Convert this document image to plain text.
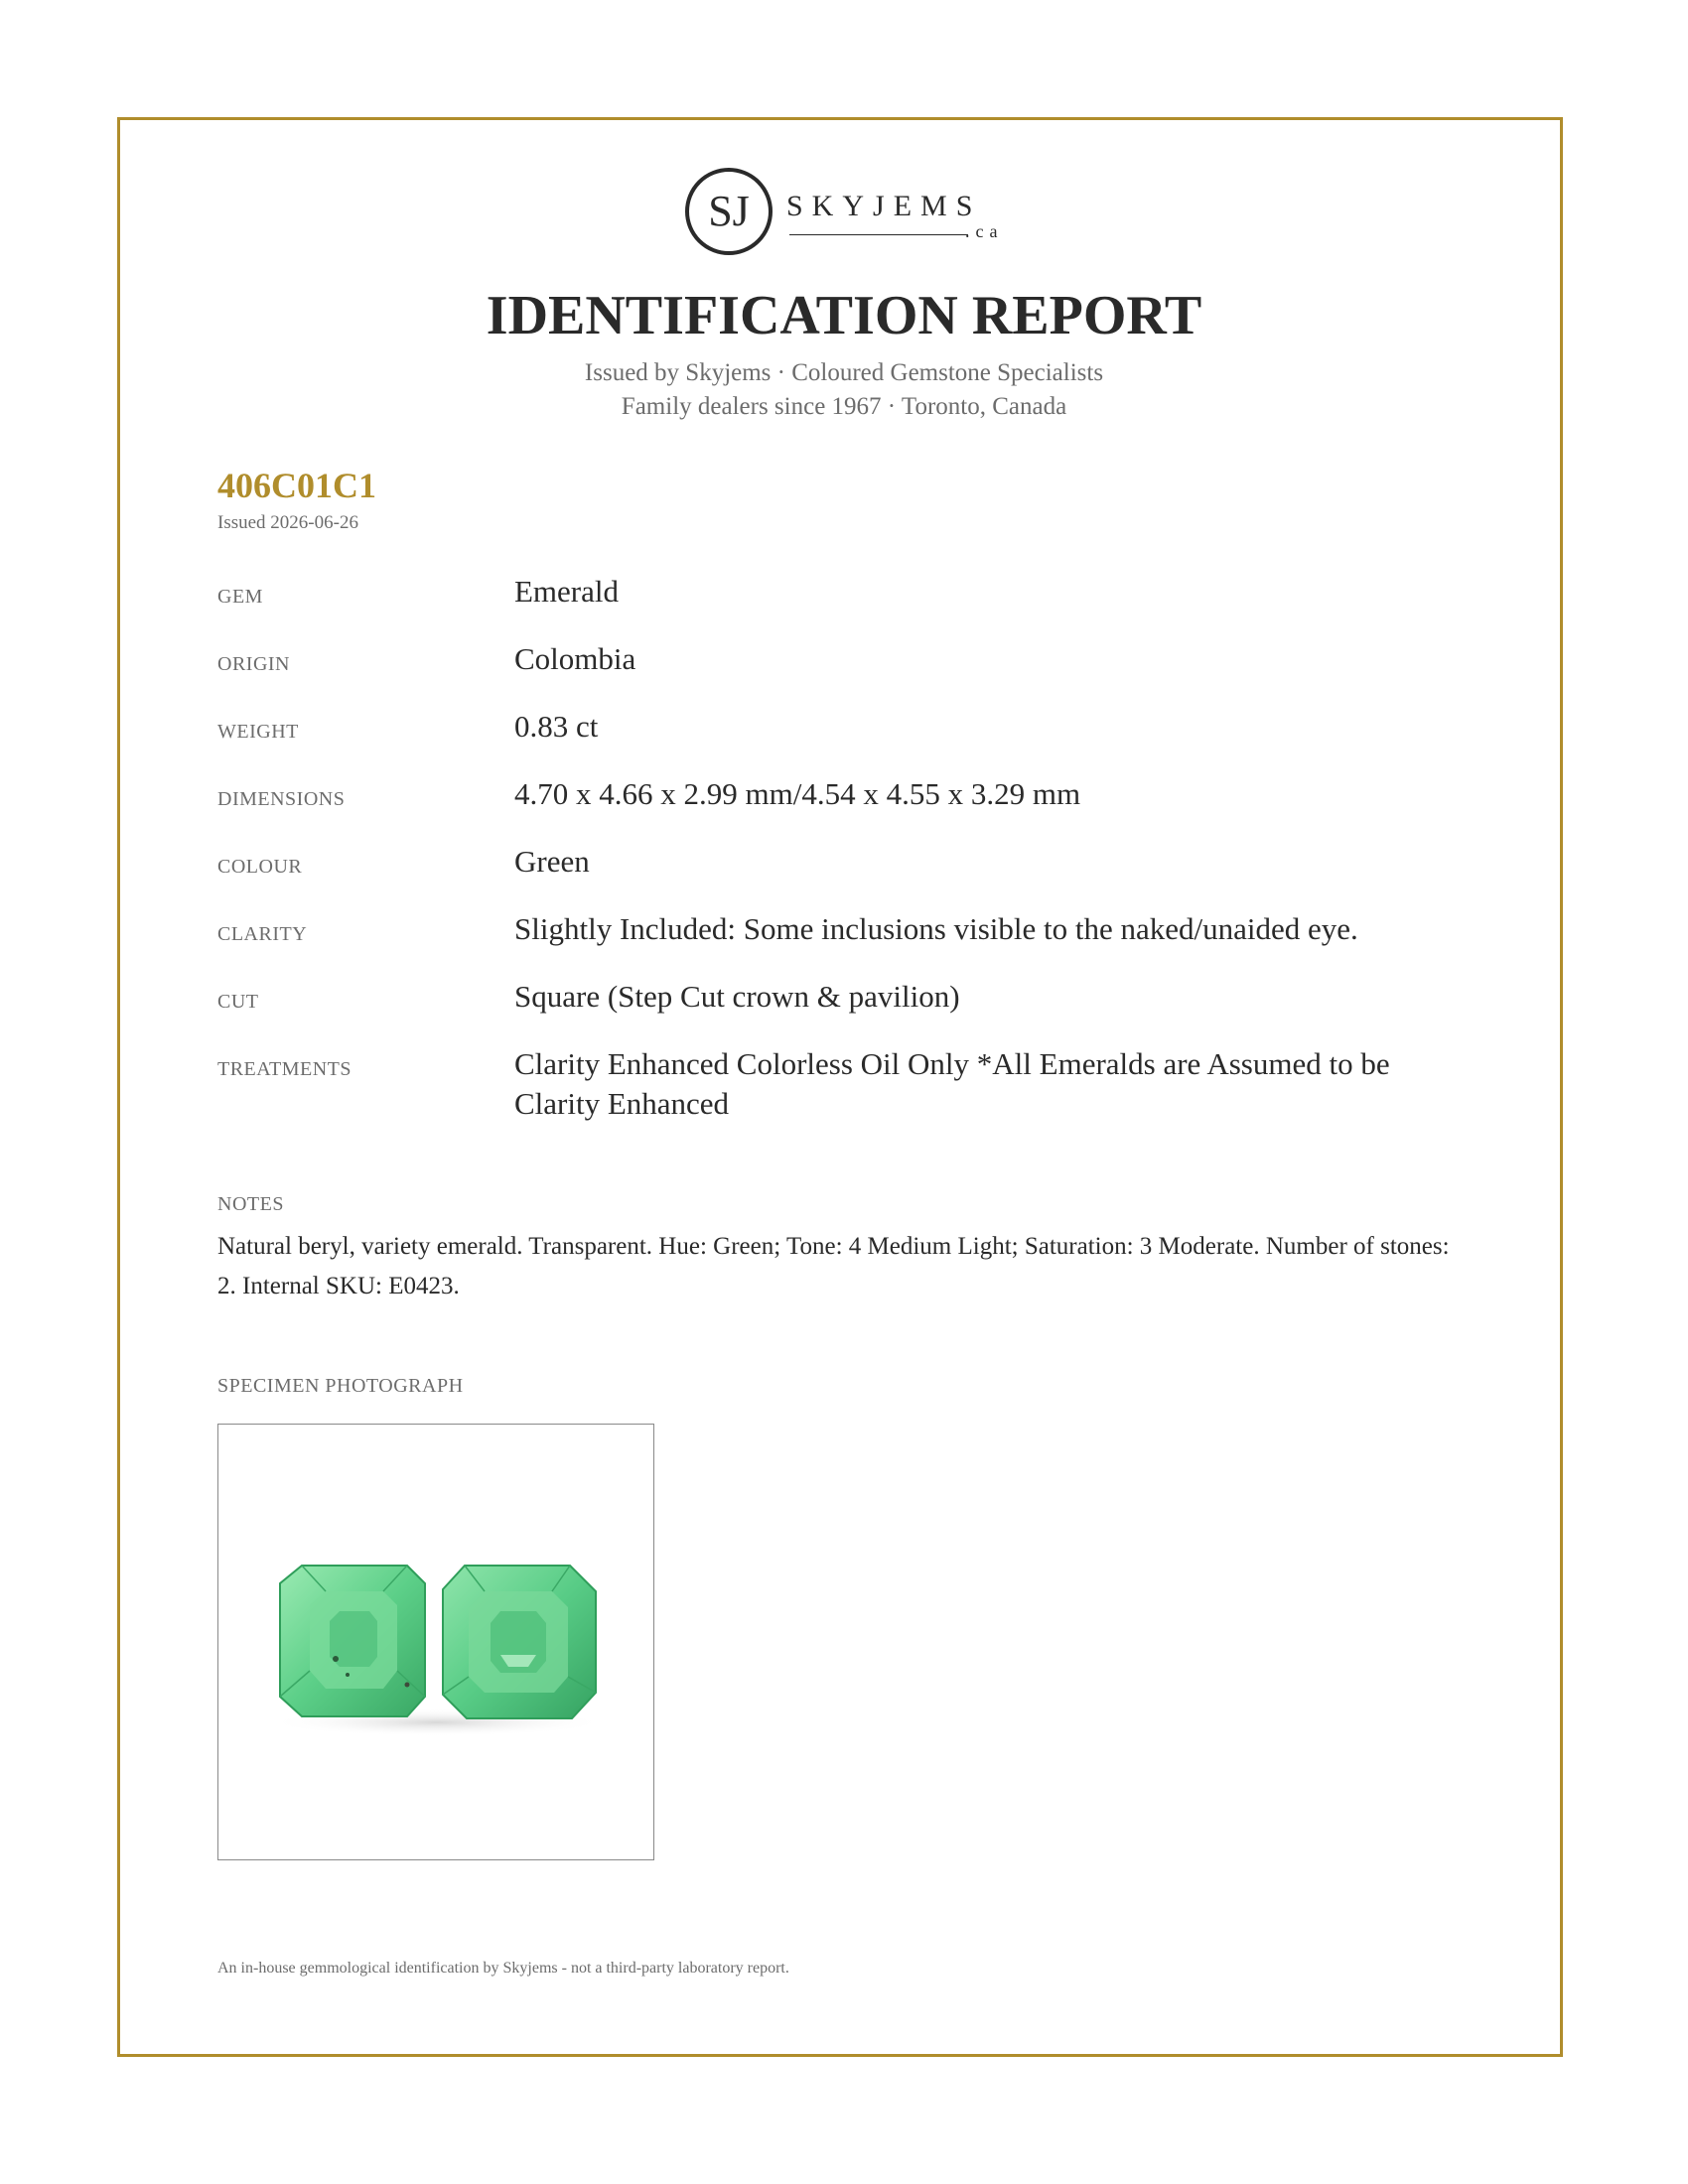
SJ SKYJEMS
.ca
IDENTIFICATION REPORT
Issued by Skyjems · Coloured Gemstone Specialists
Family dealers since 1967 · Toronto, Canada
406C01C1
Issued 2026-06-26
GEM	Emerald
ORIGIN	Colombia
WEIGHT	0.83 ct
DIMENSIONS	4.70 x 4.66 x 2.99 mm/4.54 x 4.55 x 3.29 mm
COLOUR	Green
CLARITY	Slightly Included: Some inclusions visible to the naked/unaided eye.
CUT	Square (Step Cut crown & pavilion)
TREATMENTS	Clarity Enhanced Colorless Oil Only *All Emeralds are Assumed to be Clarity Enhanced
NOTES
Natural beryl, variety emerald. Transparent. Hue: Green; Tone: 4 Medium Light; Saturation: 3 Moderate. Number of stones: 2. Internal SKU: E0423.
SPECIMEN PHOTOGRAPH
An in-house gemmological identification by Skyjems - not a third-party laboratory report.
